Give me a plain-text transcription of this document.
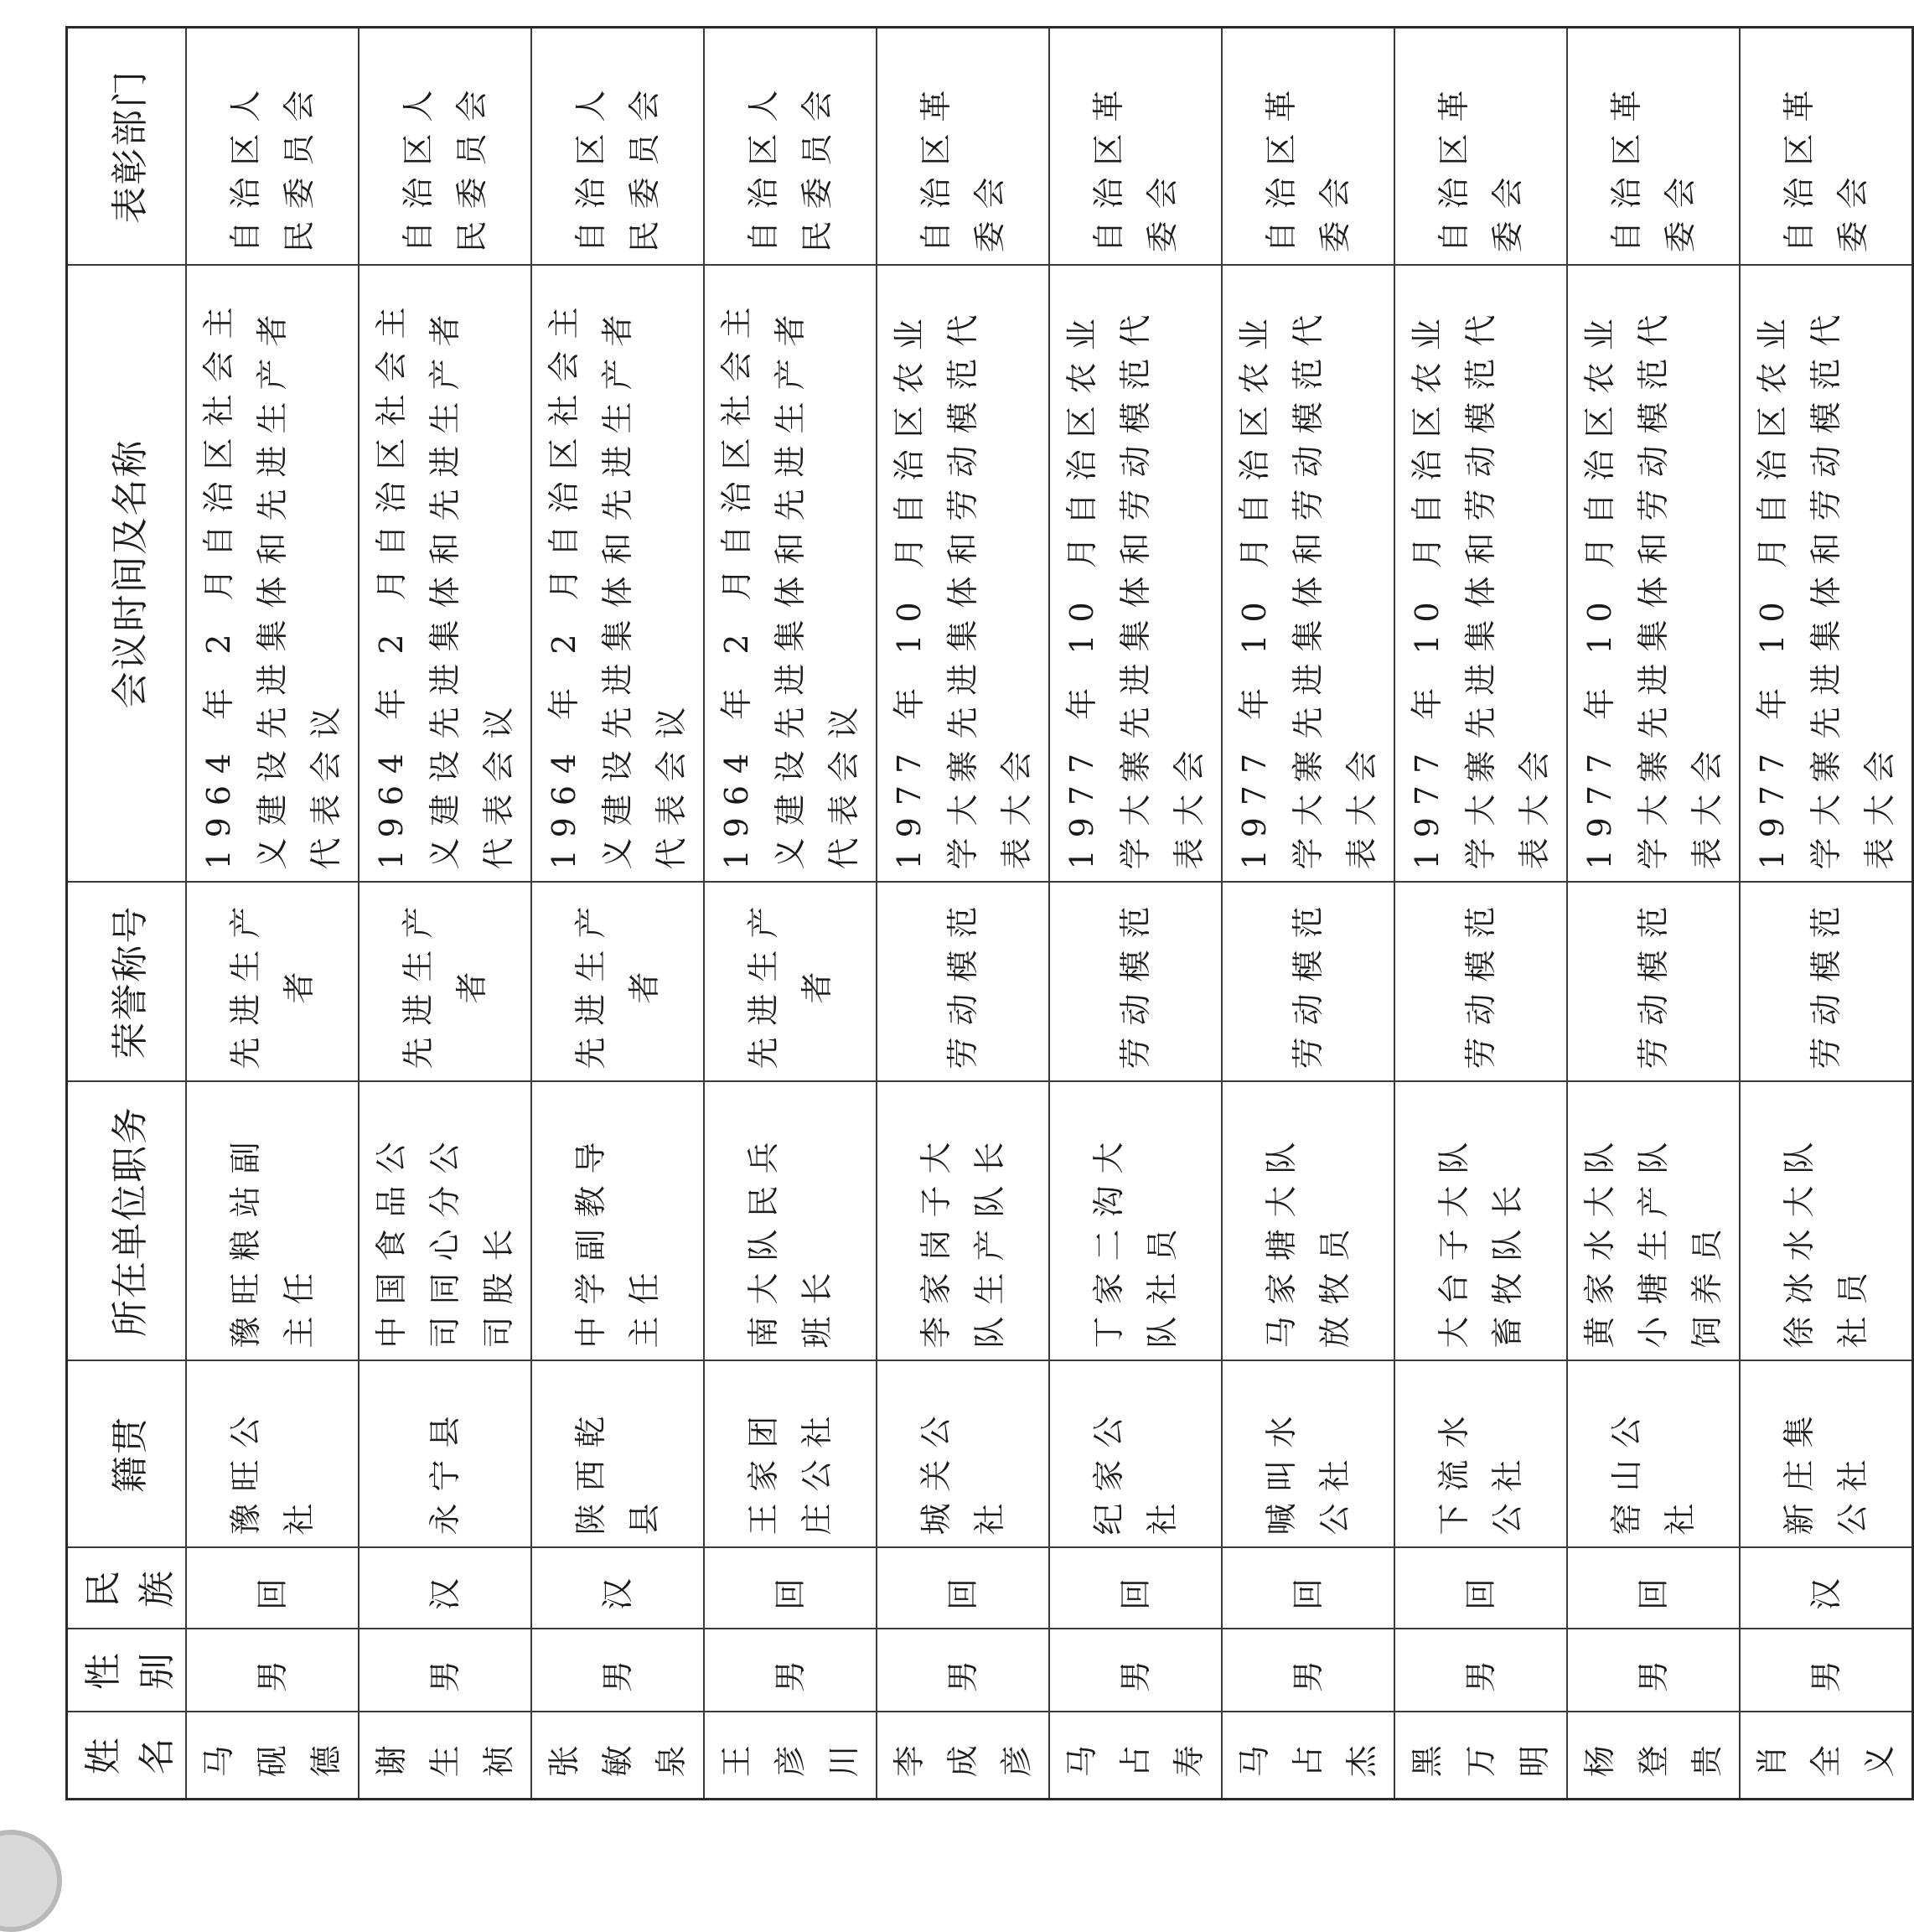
姓名	性别	民族	籍贯	所在单位职务	荣誉称号	会议时间及名称	表彰部门
马砚德	男	回	豫旺公社	豫旺粮站副主任	先进生产者	1964 年 2 月自治区社会主义建设先进集体和先进生产者代表会议	自治区人民委员会
谢生祯	男	汉	永宁县	中国食品公司同心分公司股长	先进生产者	1964 年 2 月自治区社会主义建设先进集体和先进生产者代表会议	自治区人民委员会
张敏泉	男	汉	陕西乾县	中学副教导主任	先进生产者	1964 年 2 月自治区社会主义建设先进集体和先进生产者代表会议	自治区人民委员会
王彦川	男	回	王家团庄公社	南大队民兵班长	先进生产者	1964 年 2 月自治区社会主义建设先进集体和先进生产者代表会议	自治区人民委员会
李成彦	男	回	城关公社	李家岗子大队生产队长	劳动模范	1977 年 10 月自治区农业学大寨先进集体和劳动模范代表大会	自治区革委会
马占寿	男	回	纪家公社	丁家二沟大队社员	劳动模范	1977 年 10 月自治区农业学大寨先进集体和劳动模范代表大会	自治区革委会
马占杰	男	回	喊叫水公社	马家塘大队放牧员	劳动模范	1977 年 10 月自治区农业学大寨先进集体和劳动模范代表大会	自治区革委会
黑万明	男	回	下流水公社	大台子大队畜牧队长	劳动模范	1977 年 10 月自治区农业学大寨先进集体和劳动模范代表大会	自治区革委会
杨登贵	男	回	窑山公社	黄家水大队小塘生产队饲养员	劳动模范	1977 年 10 月自治区农业学大寨先进集体和劳动模范代表大会	自治区革委会
肖全义	男	汉	新庄集公社	徐冰水大队社员	劳动模范	1977 年 10 月自治区农业学大寨先进集体和劳动模范代表大会	自治区革委会
